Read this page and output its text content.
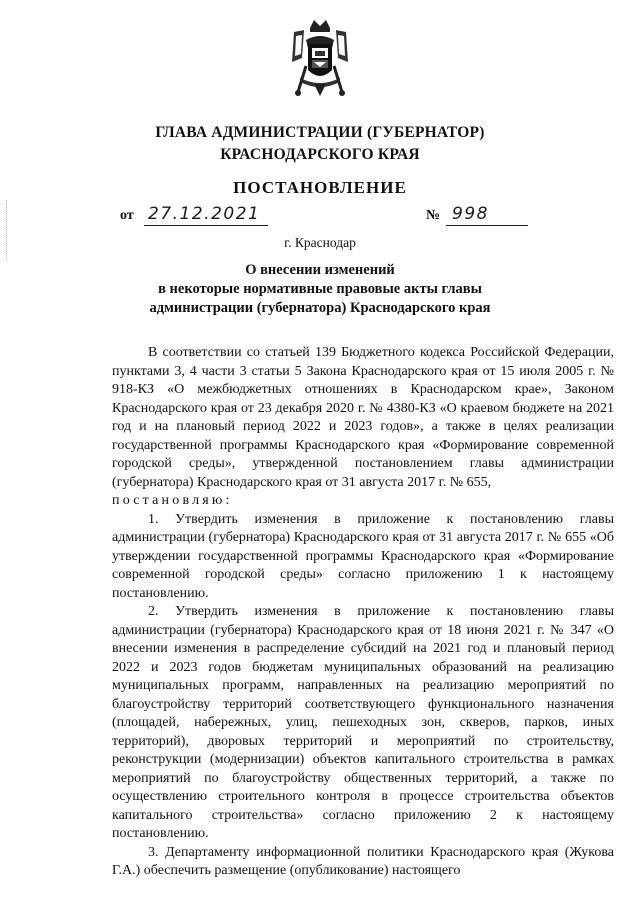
ГЛАВА АДМИНИСТРАЦИИ (ГУБЕРНАТОР)
КРАСНОДАРСКОГО КРАЯ
ПОСТАНОВЛЕНИЕ
от 27.12.2021	№ 998
г. Краснодар
О внесении изменений
в некоторые нормативные правовые акты главы
администрации (губернатора) Краснодарского края

В соответствии со статьей 139 Бюджетного кодекса Российской Федерации, пунктами 3, 4 части 3 статьи 5 Закона Краснодарского края от 15 июля 2005 г. № 918-КЗ «О межбюджетных отношениях в Краснодарском крае», Законом Краснодарского края от 23 декабря 2020 г. № 4380-КЗ «О краевом бюджете на 2021 год и на плановый период 2022 и 2023 годов», а также в целях реализации государственной программы Краснодарского края «Формирование современной городской среды», утвержденной постановлением главы администрации (губернатора) Краснодарского края от 31 августа 2017 г. № 655,

постановляю:

1. Утвердить изменения в приложение к постановлению главы администрации (губернатора) Краснодарского края от 31 августа 2017 г. № 655 «Об утверждении государственной программы Краснодарского края «Формирование современной городской среды» согласно приложению 1 к настоящему постановлению.

2. Утвердить изменения в приложение к постановлению главы администрации (губернатора) Краснодарского края от 18 июня 2021 г. № 347 «О внесении изменения в распределение субсидий на 2021 год и плановый период 2022 и 2023 годов бюджетам муниципальных образований на реализацию муниципальных программ, направленных на реализацию мероприятий по благоустройству территорий соответствующего функционального назначения (площадей, набережных, улиц, пешеходных зон, скверов, парков, иных территорий), дворовых территорий и мероприятий по строительству, реконструкции (модернизации) объектов капитального строительства в рамках мероприятий по благоустройству общественных территорий, а также по осуществлению строительного контроля в процессе строительства объектов капитального строительства» согласно приложению 2 к настоящему постановлению.

3. Департаменту информационной политики Краснодарского края (Жукова Г.А.) обеспечить размещение (опубликование) настоящего
